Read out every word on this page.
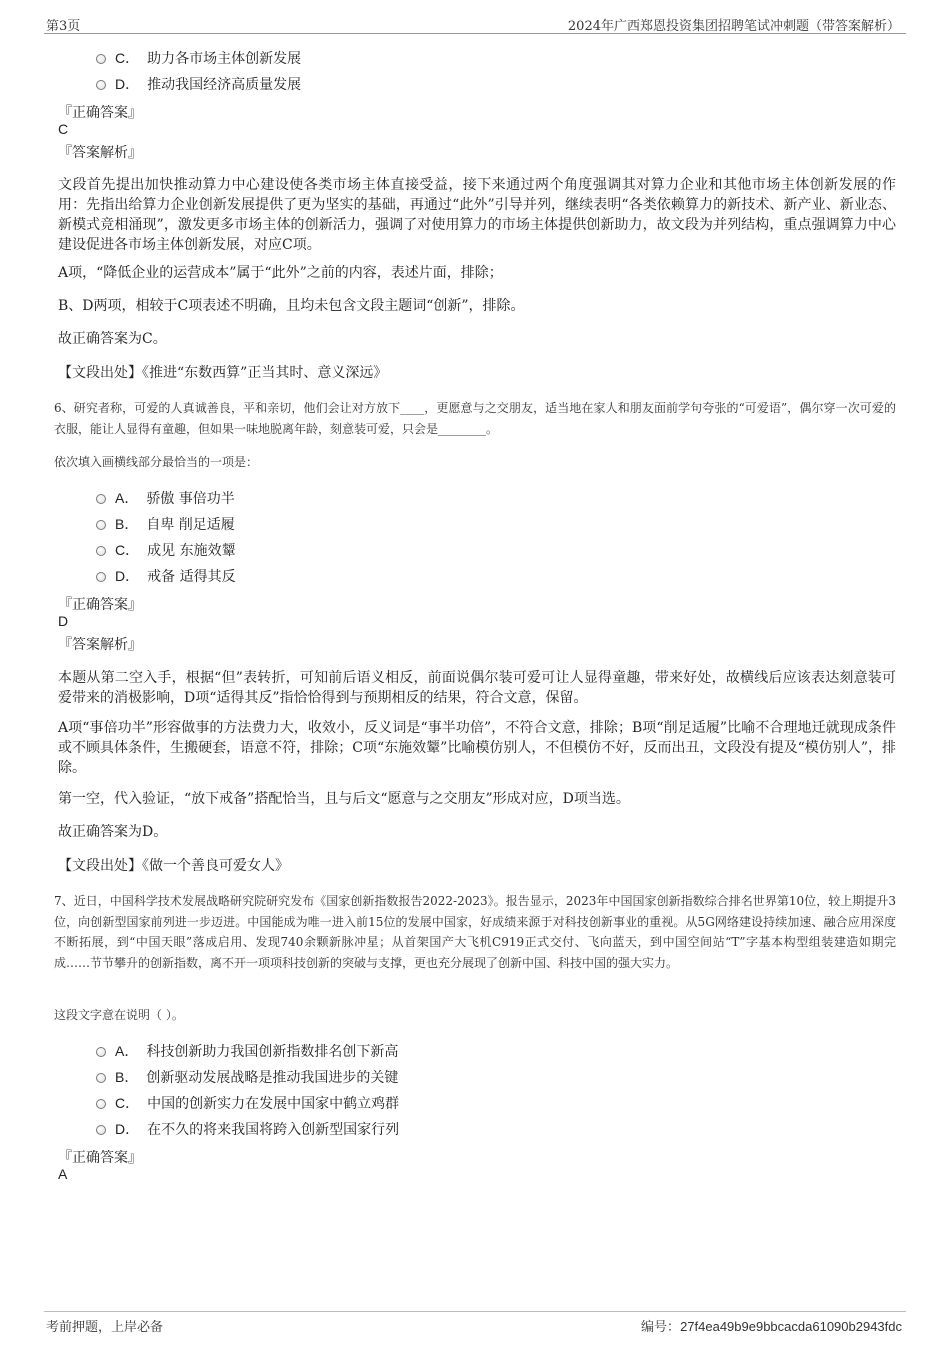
第3页	2024年广西郑恩投资集团招聘笔试冲刺题（带答案解析）
C． 助力各市场主体创新发展
D． 推动我国经济高质量发展
『正确答案』
C
『答案解析』
文段首先提出加快推动算力中心建设使各类市场主体直接受益，接下来通过两个角度强调其对算力企业和其他市场主体创新发展的作用：先指出给算力企业创新发展提供了更为坚实的基础，再通过“此外”引导并列，继续表明“各类依赖算力的新技术、新产业、新业态、新模式竞相涌现”，激发更多市场主体的创新活力，强调了对使用算力的市场主体提供创新助力，故文段为并列结构，重点强调算力中心建设促进各市场主体创新发展，对应C项。
A项，“降低企业的运营成本”属于“此外”之前的内容，表述片面，排除；
B、D两项，相较于C项表述不明确，且均未包含文段主题词“创新”，排除。
故正确答案为C。
【文段出处】《推进“东数西算”正当其时、意义深远》
6、研究者称，可爱的人真诚善良，平和亲切，他们会让对方放下____，更愿意与之交朋友，适当地在家人和朋友面前学句夸张的“可爱语”，偶尔穿一次可爱的衣服，能让人显得有童趣，但如果一味地脱离年龄，刻意装可爱，只会是________。
依次填入画横线部分最恰当的一项是：
A． 骄傲 事倍功半
B． 自卑 削足适履
C． 成见 东施效颦
D． 戒备 适得其反
『正确答案』
D
『答案解析』
本题从第二空入手，根据“但”表转折，可知前后语义相反，前面说偶尔装可爱可让人显得童趣，带来好处，故横线后应该表达刻意装可爱带来的消极影响，D项“适得其反”指恰恰得到与预期相反的结果，符合文意，保留。
A项“事倍功半”形容做事的方法费力大，收效小，反义词是“事半功倍”，不符合文意，排除；B项“削足适履”比喻不合理地迁就现成条件或不顾具体条件，生搬硬套，语意不符，排除；C项“东施效颦”比喻模仿别人，不但模仿不好，反而出丑，文段没有提及“模仿别人”，排除。
第一空，代入验证，“放下戒备”搭配恰当，且与后文“愿意与之交朋友”形成对应，D项当选。
故正确答案为D。
【文段出处】《做一个善良可爱女人》
7、近日，中国科学技术发展战略研究院研究发布《国家创新指数报告2022-2023》。报告显示，2023年中国国家创新指数综合排名世界第10位，较上期提升3位，向创新型国家前列进一步迈进。中国能成为唯一进入前15位的发展中国家，好成绩来源于对科技创新事业的重视。从5G网络建设持续加速、融合应用深度不断拓展，到“中国天眼”落成启用、发现740余颗新脉冲星；从首架国产大飞机C919正式交付、飞向蓝天，到中国空间站“T”字基本构型组装建造如期完成……节节攀升的创新指数，离不开一项项科技创新的突破与支撑，更也充分展现了创新中国、科技中国的强大实力。
这段文字意在说明（ ）。
A． 科技创新助力我国创新指数排名创下新高
B． 创新驱动发展战略是推动我国进步的关键
C． 中国的创新实力在发展中国家中鹤立鸡群
D． 在不久的将来我国将跨入创新型国家行列
『正确答案』
A
考前押题，上岸必备	编号：27f4ea49b9e9bbcacda61090b2943fdc
